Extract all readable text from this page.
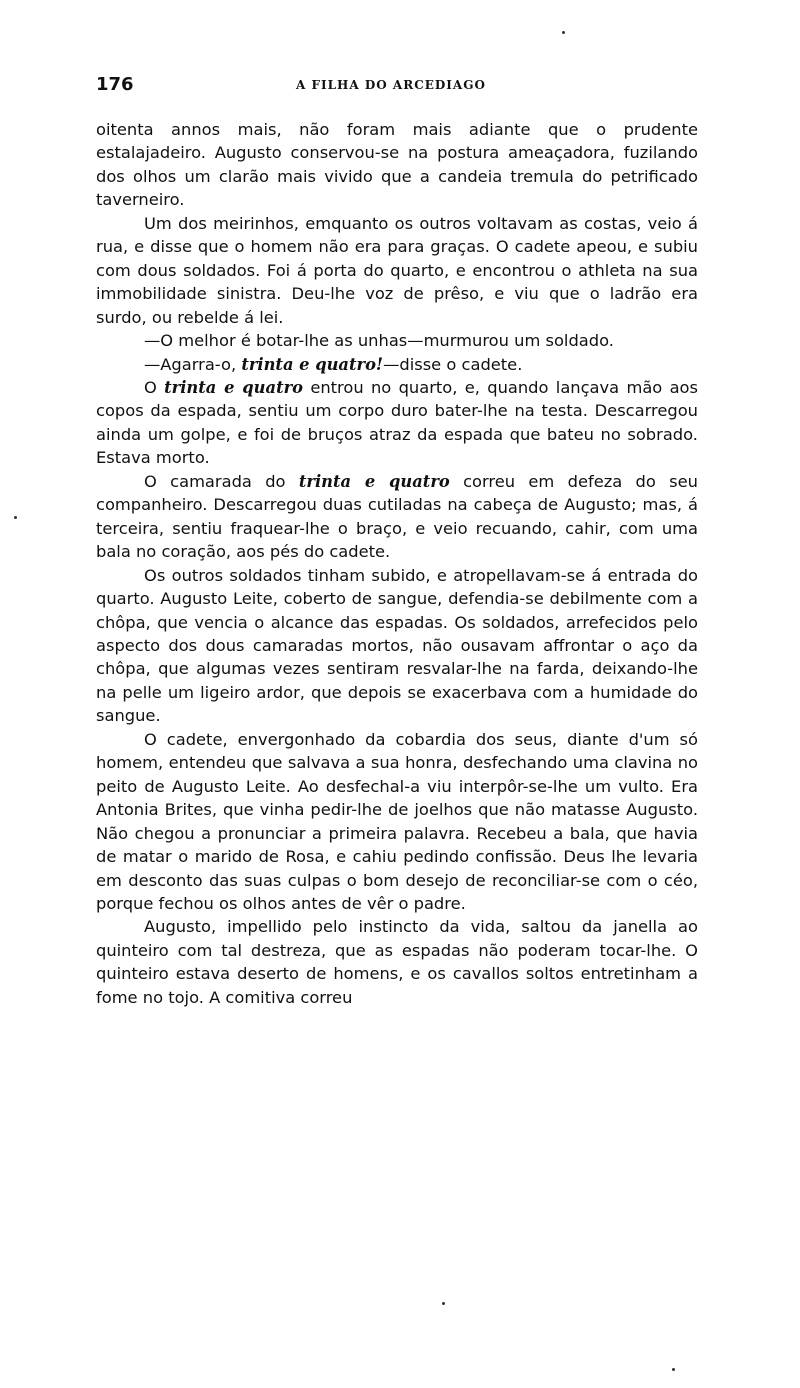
176	A FILHA DO ARCEDIAGO

oitenta annos mais, não foram mais adiante que o prudente estalajadeiro. Augusto conservou-se na postura ameaçadora, fuzilando dos olhos um clarão mais vivido que a candeia tremula do petrificado taverneiro.

Um dos meirinhos, emquanto os outros voltavam as costas, veio á rua, e disse que o homem não era para graças. O cadete apeou, e subiu com dous soldados. Foi á porta do quarto, e encontrou o athleta na sua immobilidade sinistra. Deu-lhe voz de prêso, e viu que o ladrão era surdo, ou rebelde á lei.

—O melhor é botar-lhe as unhas—murmurou um soldado.

—Agarra-o, trinta e quatro!—disse o cadete.

O trinta e quatro entrou no quarto, e, quando lançava mão aos copos da espada, sentiu um corpo duro bater-lhe na testa. Descarregou ainda um golpe, e foi de bruços atraz da espada que bateu no sobrado. Estava morto.

O camarada do trinta e quatro correu em defeza do seu companheiro. Descarregou duas cutiladas na cabeça de Augusto; mas, á terceira, sentiu fraquear-lhe o braço, e veio recuando, cahir, com uma bala no coração, aos pés do cadete.

Os outros soldados tinham subido, e atropellavam-se á entrada do quarto. Augusto Leite, coberto de sangue, defendia-se debilmente com a chôpa, que vencia o alcance das espadas. Os soldados, arrefecidos pelo aspecto dos dous camaradas mortos, não ousavam affrontar o aço da chôpa, que algumas vezes sentiram resvalar-lhe na farda, deixando-lhe na pelle um ligeiro ardor, que depois se exacerbava com a humidade do sangue.

O cadete, envergonhado da cobardia dos seus, diante d'um só homem, entendeu que salvava a sua honra, desfechando uma clavina no peito de Augusto Leite. Ao desfechal-a viu interpôr-se-lhe um vulto. Era Antonia Brites, que vinha pedir-lhe de joelhos que não matasse Augusto. Não chegou a pronunciar a primeira palavra. Recebeu a bala, que havia de matar o marido de Rosa, e cahiu pedindo confissão. Deus lhe levaria em desconto das suas culpas o bom desejo de reconciliar-se com o céo, porque fechou os olhos antes de vêr o padre.

Augusto, impellido pelo instincto da vida, saltou da janella ao quinteiro com tal destreza, que as espadas não poderam tocar-lhe. O quinteiro estava deserto de homens, e os cavallos soltos entretinham a fome no tojo. A comitiva correu
